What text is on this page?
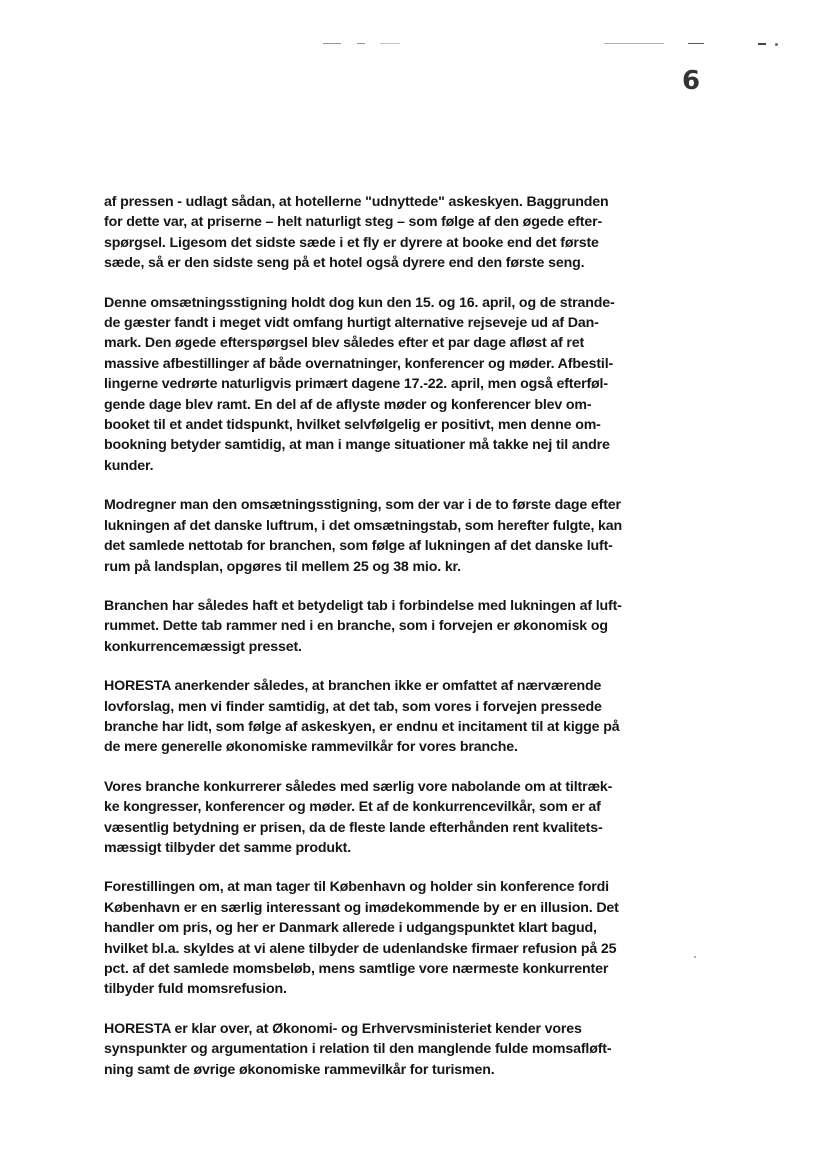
6
af pressen - udlagt sådan, at hotellerne "udnyttede" askeskyen. Baggrunden
for dette var, at priserne – helt naturligt steg – som følge af den øgede efter-
spørgsel. Ligesom det sidste sæde i et fly er dyrere at booke end det første
sæde, så er den sidste seng på et hotel også dyrere end den første seng.
Denne omsætningsstigning holdt dog kun den 15. og 16. april, og de strande-
de gæster fandt i meget vidt omfang hurtigt alternative rejseveje ud af Dan-
mark. Den øgede efterspørgsel blev således efter et par dage afløst af ret
massive afbestillinger af både overnatninger, konferencer og møder. Afbestil-
lingerne vedrørte naturligvis primært dagene 17.-22. april, men også efterføl-
gende dage blev ramt. En del af de aflyste møder og konferencer blev om-
booket til et andet tidspunkt, hvilket selvfølgelig er positivt, men denne om-
bookning betyder samtidig, at man i mange situationer må takke nej til andre
kunder.
Modregner man den omsætningsstigning, som der var i de to første dage efter
lukningen af det danske luftrum, i det omsætningstab, som herefter fulgte, kan
det samlede nettotab for branchen, som følge af lukningen af det danske luft-
rum på landsplan, opgøres til mellem 25 og 38 mio. kr.
Branchen har således haft et betydeligt tab i forbindelse med lukningen af luft-
rummet. Dette tab rammer ned i en branche, som i forvejen er økonomisk og
konkurrencemæssigt presset.
HORESTA anerkender således, at branchen ikke er omfattet af nærværende
lovforslag, men vi finder samtidig, at det tab, som vores i forvejen pressede
branche har lidt, som følge af askeskyen, er endnu et incitament til at kigge på
de mere generelle økonomiske rammevilkår for vores branche.
Vores branche konkurrerer således med særlig vore nabolande om at tiltræk-
ke kongresser, konferencer og møder. Et af de konkurrencevilkår, som er af
væsentlig betydning er prisen, da de fleste lande efterhånden rent kvalitets-
mæssigt tilbyder det samme produkt.
Forestillingen om, at man tager til København og holder sin konference fordi
København er en særlig interessant og imødekommende by er en illusion. Det
handler om pris, og her er Danmark allerede i udgangspunktet klart bagud,
hvilket bl.a. skyldes at vi alene tilbyder de udenlandske firmaer refusion på 25
pct. af det samlede momsbeløb, mens samtlige vore nærmeste konkurrenter
tilbyder fuld momsrefusion.
HORESTA er klar over, at Økonomi- og Erhvervsministeriet kender vores
synspunkter og argumentation i relation til den manglende fulde momsafløft-
ning samt de øvrige økonomiske rammevilkår for turismen.
